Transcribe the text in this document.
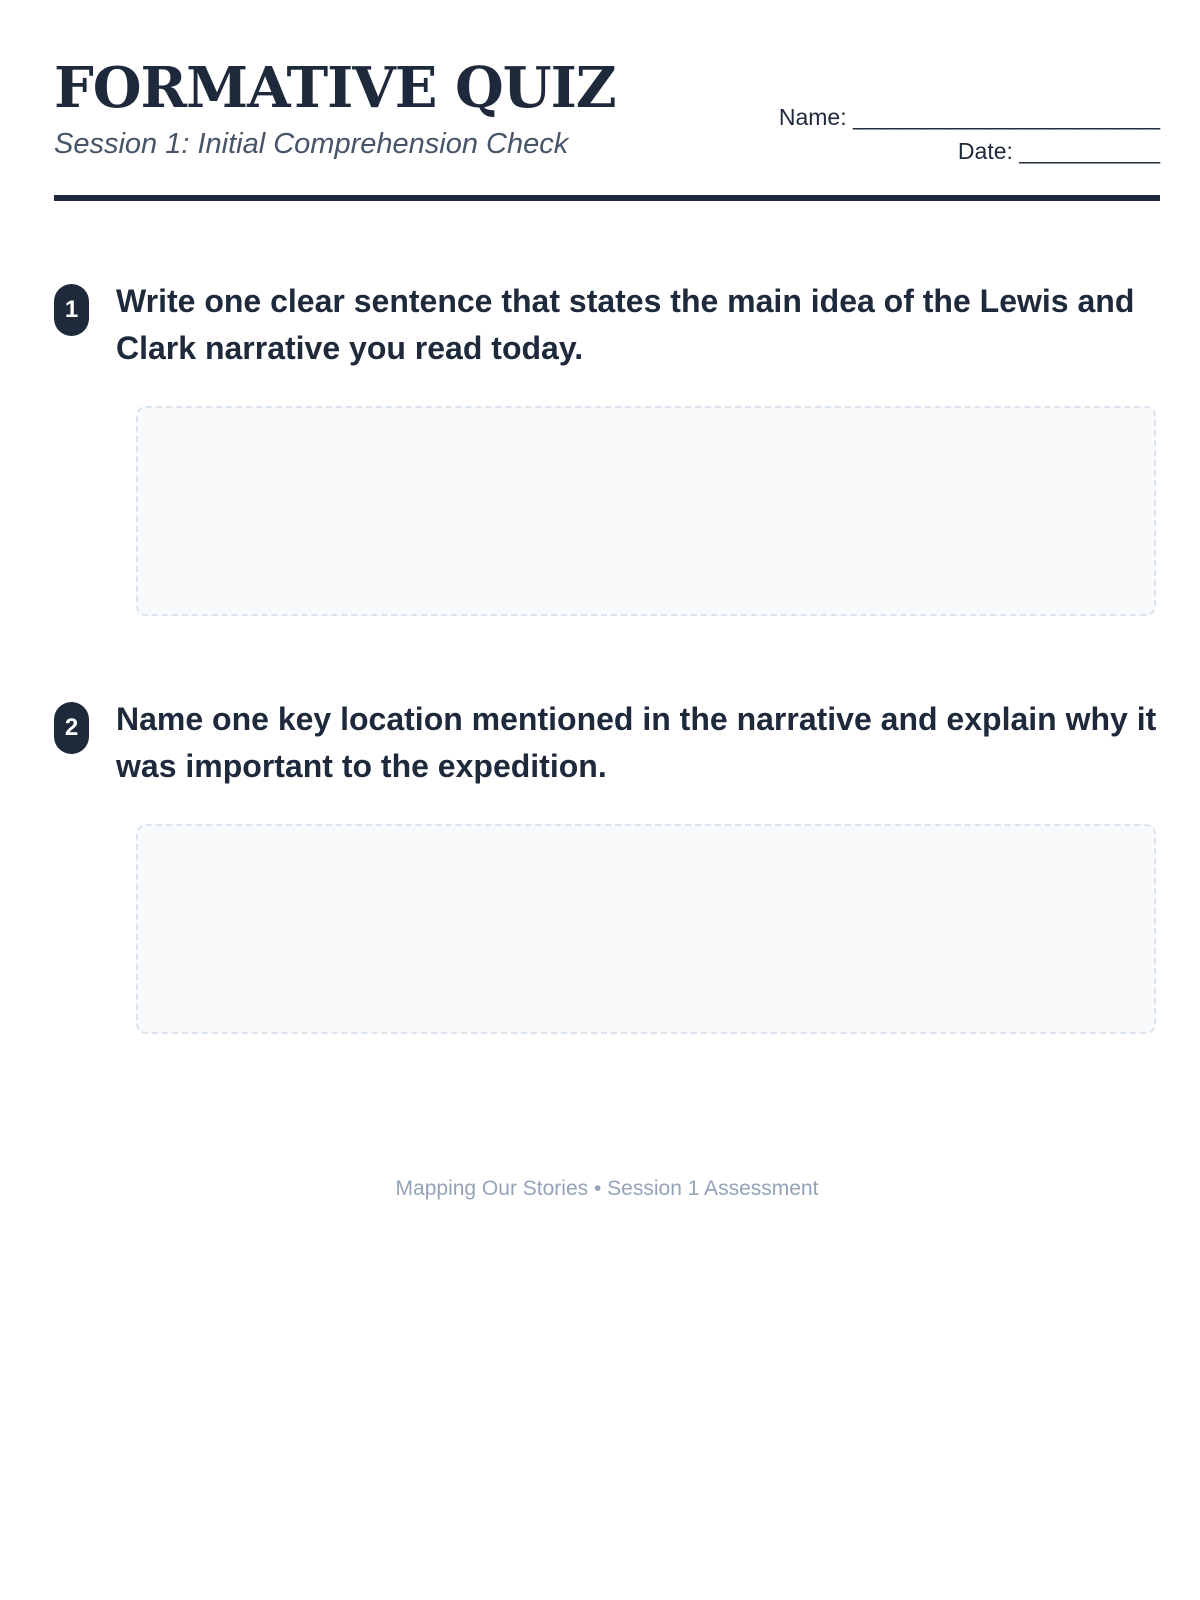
FORMATIVE QUIZ
Session 1: Initial Comprehension Check
Name: ________________________
Date: ___________
1	Write one clear sentence that states the main idea of the Lewis and Clark narrative you read today.
2	Name one key location mentioned in the narrative and explain why it was important to the expedition.
Mapping Our Stories • Session 1 Assessment
